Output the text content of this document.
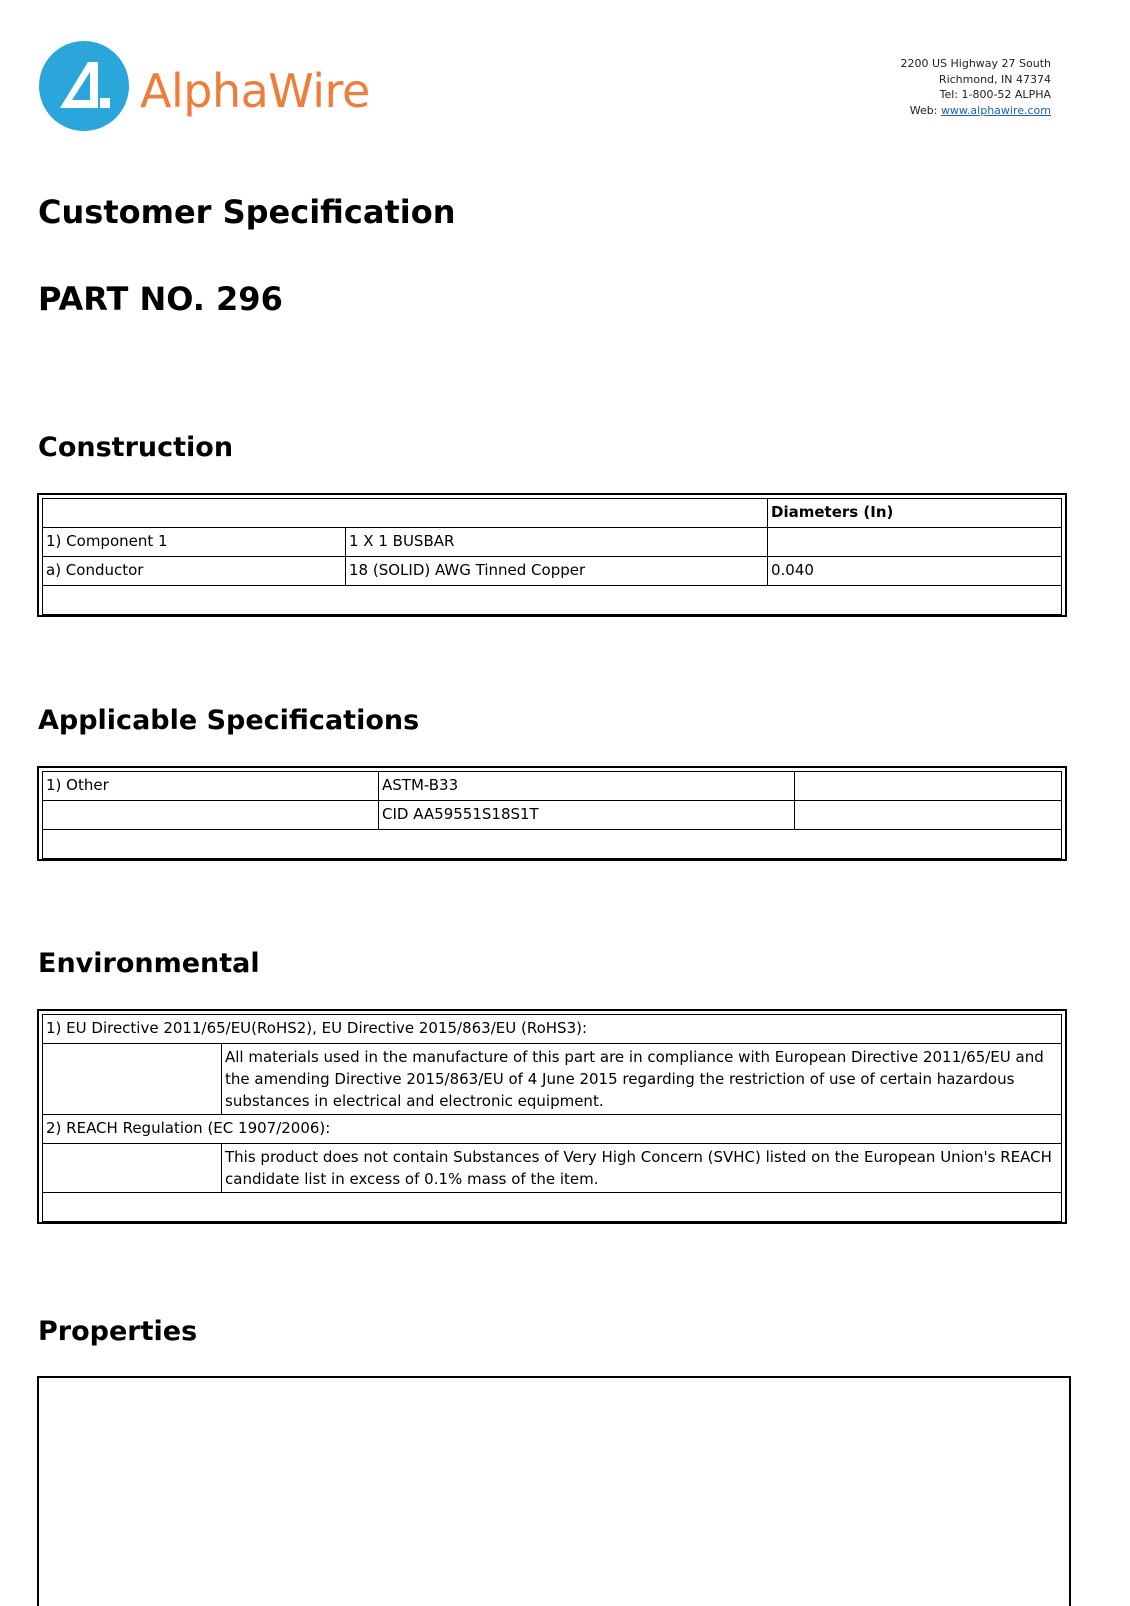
AlphaWire
2200 US Highway 27 South
Richmond, IN 47374
Tel: 1-800-52 ALPHA
Web: www.alphawire.com
Customer Specification
PART NO. 296
Construction
		Diameters (In)
1) Component 1	1 X 1 BUSBAR	
a) Conductor	18 (SOLID) AWG Tinned Copper	0.040

Applicable Specifications
1) Other	ASTM-B33	
	CID AA59551S18S1T	

Environmental
1) EU Directive 2011/65/EU(RoHS2), EU Directive 2015/863/EU (RoHS3):	
	All materials used in the manufacture of this part are in compliance with European Directive 2011/65/EU and the amending Directive 2015/863/EU of 4 June 2015 regarding the restriction of use of certain hazardous substances in electrical and electronic equipment.
2) REACH Regulation (EC 1907/2006):	
	This product does not contain Substances of Very High Concern (SVHC) listed on the European Union's REACH candidate list in excess of 0.1% mass of the item.

Properties
